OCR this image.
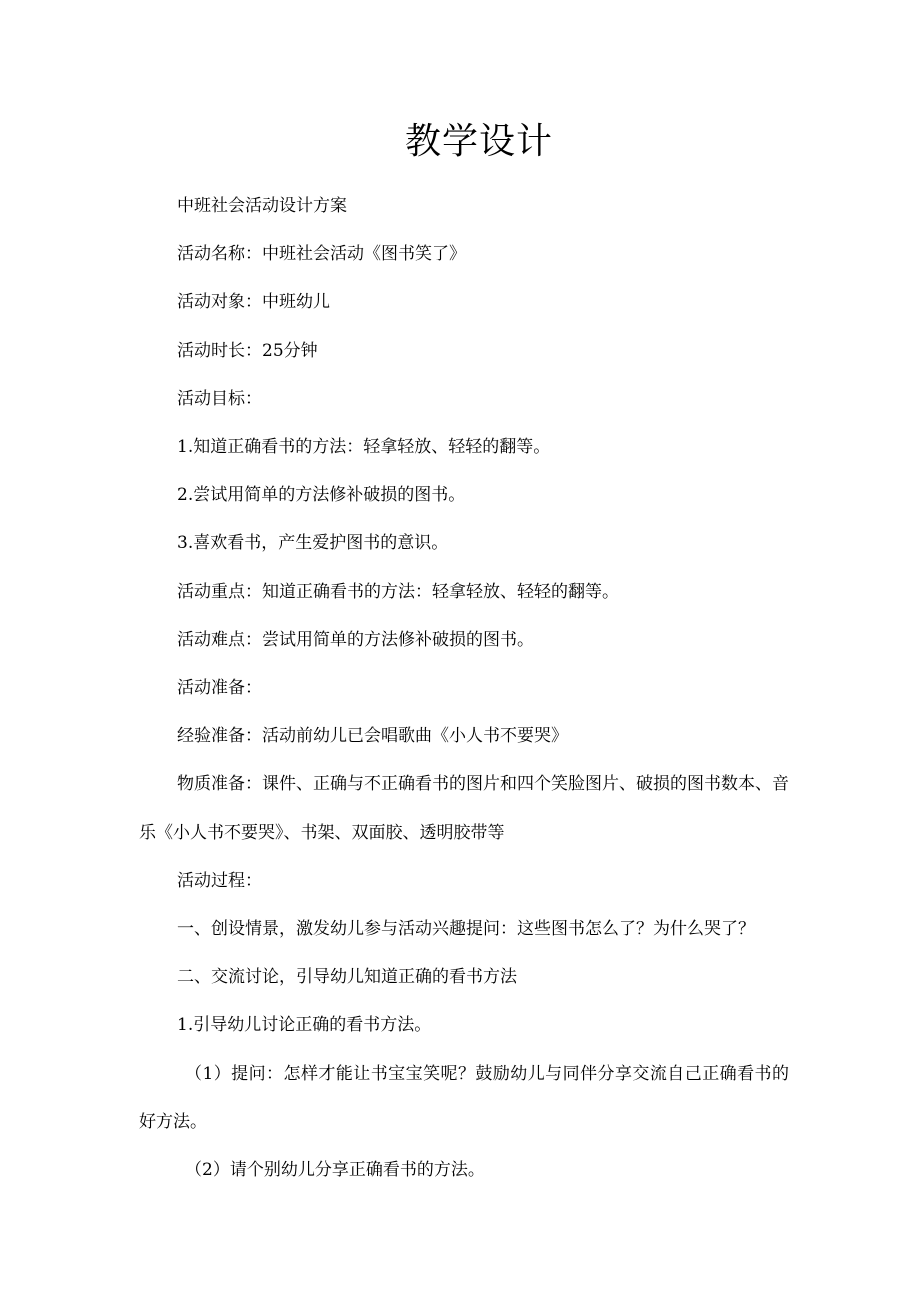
教学设计

中班社会活动设计方案

活动名称：中班社会活动《图书笑了》

活动对象：中班幼儿

活动时长：25分钟

活动目标：

1.知道正确看书的方法：轻拿轻放、轻轻的翻等。

2.尝试用简单的方法修补破损的图书。

3.喜欢看书，产生爱护图书的意识。

活动重点：知道正确看书的方法：轻拿轻放、轻轻的翻等。

活动难点：尝试用简单的方法修补破损的图书。

活动准备：

经验准备：活动前幼儿已会唱歌曲《小人书不要哭》

物质准备：课件、正确与不正确看书的图片和四个笑脸图片、破损的图书数本、音乐《小人书不要哭》、书架、双面胶、透明胶带等

活动过程：

一、创设情景，激发幼儿参与活动兴趣提问：这些图书怎么了？为什么哭了？

二、交流讨论，引导幼儿知道正确的看书方法

1.引导幼儿讨论正确的看书方法。

（1）提问：怎样才能让书宝宝笑呢？鼓励幼儿与同伴分享交流自己正确看书的好方法。

（2）请个别幼儿分享正确看书的方法。
